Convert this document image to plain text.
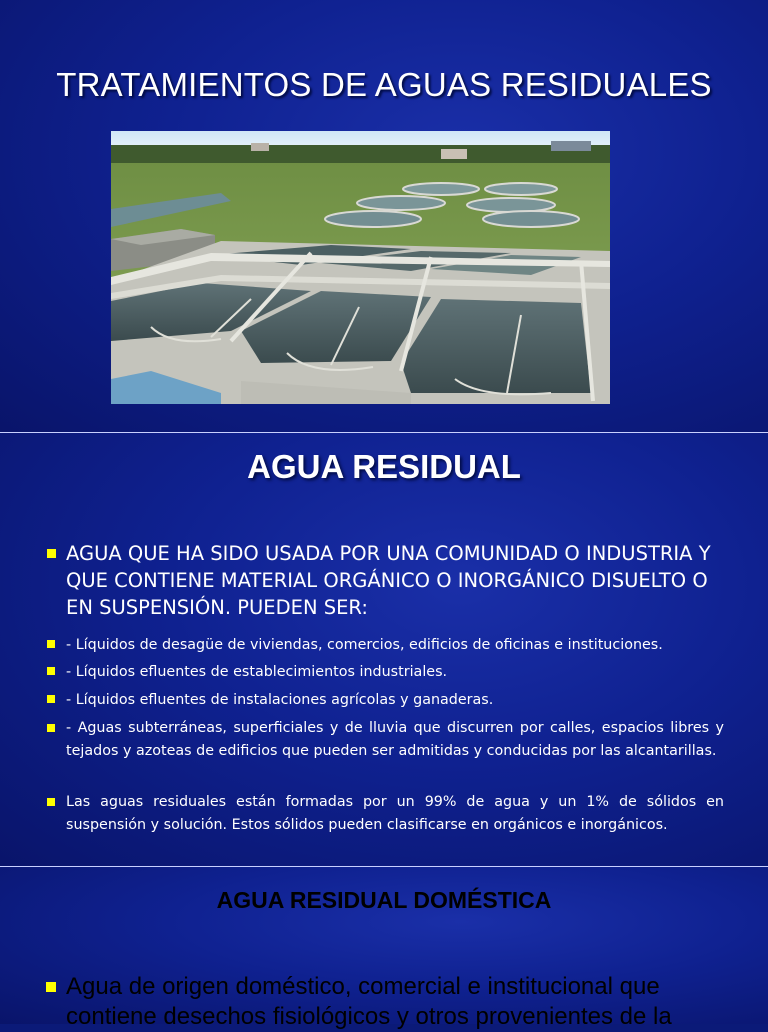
TRATAMIENTOS DE AGUAS RESIDUALES
AGUA RESIDUAL
AGUA QUE HA SIDO USADA POR UNA COMUNIDAD O INDUSTRIA Y QUE CONTIENE MATERIAL ORGÁNICO O INORGÁNICO DISUELTO O EN SUSPENSIÓN. PUEDEN SER:
- Líquidos de desagüe de viviendas, comercios, edificios de oficinas e instituciones.
- Líquidos efluentes de establecimientos industriales.
- Líquidos efluentes de instalaciones agrícolas y ganaderas.
- Aguas subterráneas, superficiales y de lluvia que discurren por calles, espacios libres y tejados y azoteas de edificios que pueden ser admitidas y conducidas por las alcantarillas.
Las aguas residuales están formadas por un 99% de agua y un 1% de sólidos en suspensión y solución. Estos sólidos pueden clasificarse en orgánicos e inorgánicos.
AGUA RESIDUAL DOMÉSTICA
Agua de origen doméstico, comercial e institucional que contiene desechos fisiológicos y otros provenientes de la
